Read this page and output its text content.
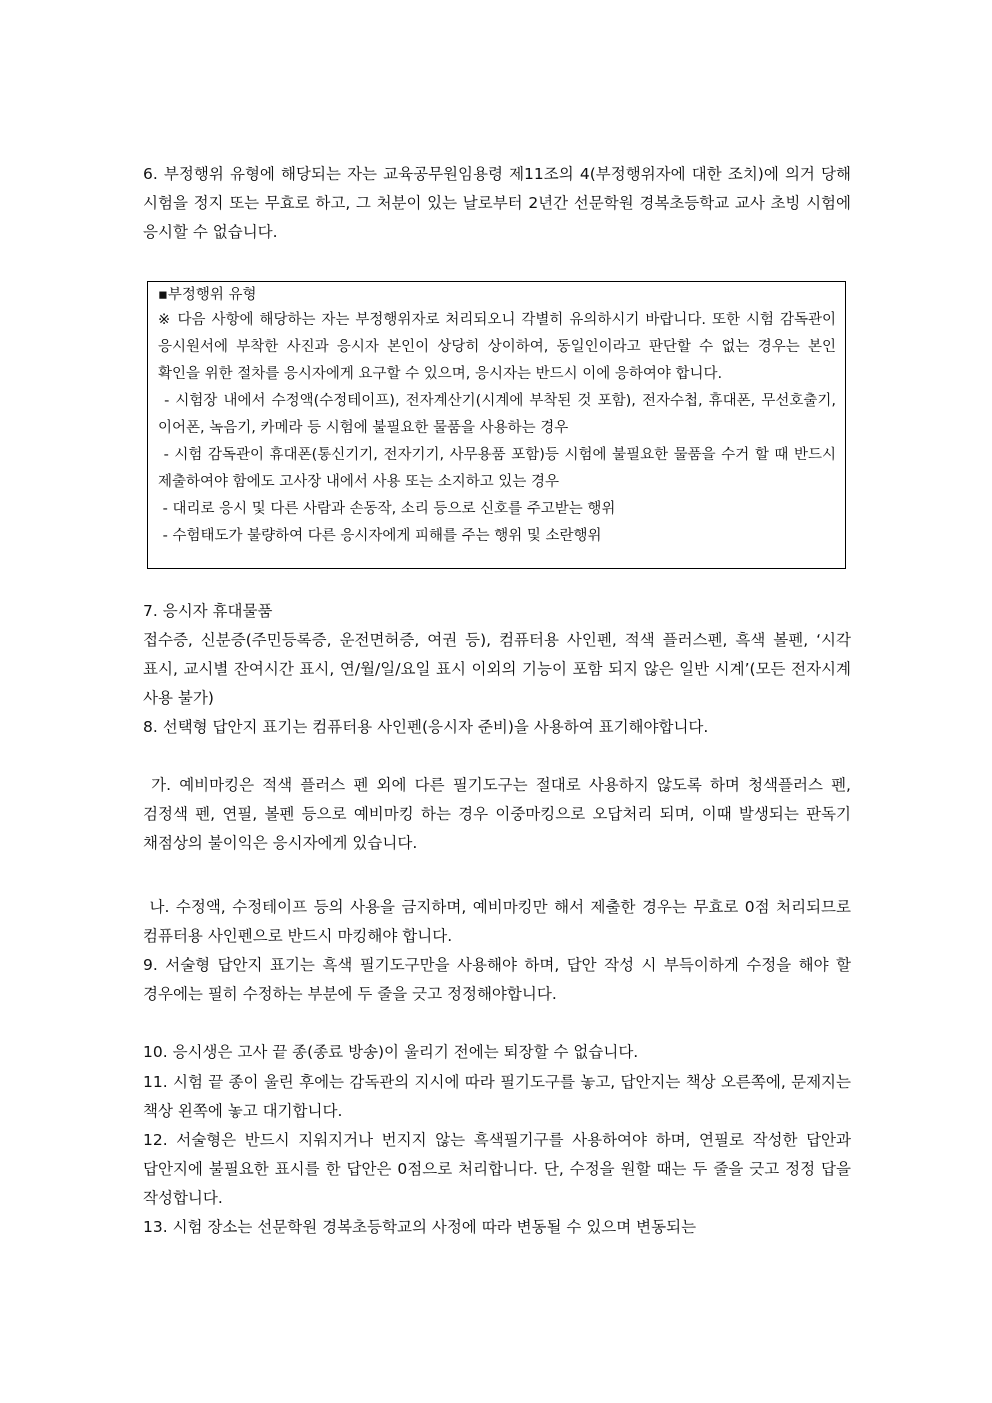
6. 부정행위 유형에 해당되는 자는 교육공무원임용령 제11조의 4(부정행위자에 대한 조치)에 의거 당해 시험을 정지 또는 무효로 하고, 그 처분이 있는 날로부터 2년간 선문학원 경복초등학교 교사 초빙 시험에 응시할 수 없습니다.

▪부정행위 유형

※ 다음 사항에 해당하는 자는 부정행위자로 처리되오니 각별히 유의하시기 바랍니다. 또한 시험 감독관이 응시원서에 부착한 사진과 응시자 본인이 상당히 상이하여, 동일인이라고 판단할 수 없는 경우는 본인 확인을 위한 절차를 응시자에게 요구할 수 있으며, 응시자는 반드시 이에 응하여야 합니다.

- 시험장 내에서 수정액(수정테이프), 전자계산기(시계에 부착된 것 포함), 전자수첩, 휴대폰, 무선호출기, 이어폰, 녹음기, 카메라 등 시험에 불필요한 물품을 사용하는 경우

- 시험 감독관이 휴대폰(통신기기, 전자기기, 사무용품 포함)등 시험에 불필요한 물품을 수거 할 때 반드시 제출하여야 함에도 고사장 내에서 사용 또는 소지하고 있는 경우

- 대리로 응시 및 다른 사람과 손동작, 소리 등으로 신호를 주고받는 행위

- 수험태도가 불량하여 다른 응시자에게 피해를 주는 행위 및 소란행위

7. 응시자 휴대물품
접수증, 신분증(주민등록증, 운전면허증, 여권 등), 컴퓨터용 사인펜, 적색 플러스펜, 흑색 볼펜, ‘시각 표시, 교시별 잔여시간 표시, 연/월/일/요일 표시 이외의 기능이 포함 되지 않은 일반 시계’(모든 전자시계 사용 불가)
8. 선택형 답안지 표기는 컴퓨터용 사인펜(응시자 준비)을 사용하여 표기해야합니다.
가. 예비마킹은 적색 플러스 펜 외에 다른 필기도구는 절대로 사용하지 않도록 하며 청색플러스 펜, 검정색 펜, 연필, 볼펜 등으로 예비마킹 하는 경우 이중마킹으로 오답처리 되며, 이때 발생되는 판독기 채점상의 불이익은 응시자에게 있습니다.
나. 수정액, 수정테이프 등의 사용을 금지하며, 예비마킹만 해서 제출한 경우는 무효로 0점 처리되므로 컴퓨터용 사인펜으로 반드시 마킹해야 합니다.
9. 서술형 답안지 표기는 흑색 필기도구만을 사용해야 하며, 답안 작성 시 부득이하게 수정을 해야 할 경우에는 필히 수정하는 부분에 두 줄을 긋고 정정해야합니다.
10. 응시생은 고사 끝 종(종료 방송)이 울리기 전에는 퇴장할 수 없습니다.
11. 시험 끝 종이 울린 후에는 감독관의 지시에 따라 필기도구를 놓고, 답안지는 책상 오른쪽에, 문제지는 책상 왼쪽에 놓고 대기합니다.
12. 서술형은 반드시 지워지거나 번지지 않는 흑색필기구를 사용하여야 하며, 연필로 작성한 답안과 답안지에 불필요한 표시를 한 답안은 0점으로 처리합니다. 단, 수정을 원할 때는 두 줄을 긋고 정정 답을 작성합니다.
13. 시험 장소는 선문학원 경복초등학교의 사정에 따라 변동될 수 있으며 변동되는
